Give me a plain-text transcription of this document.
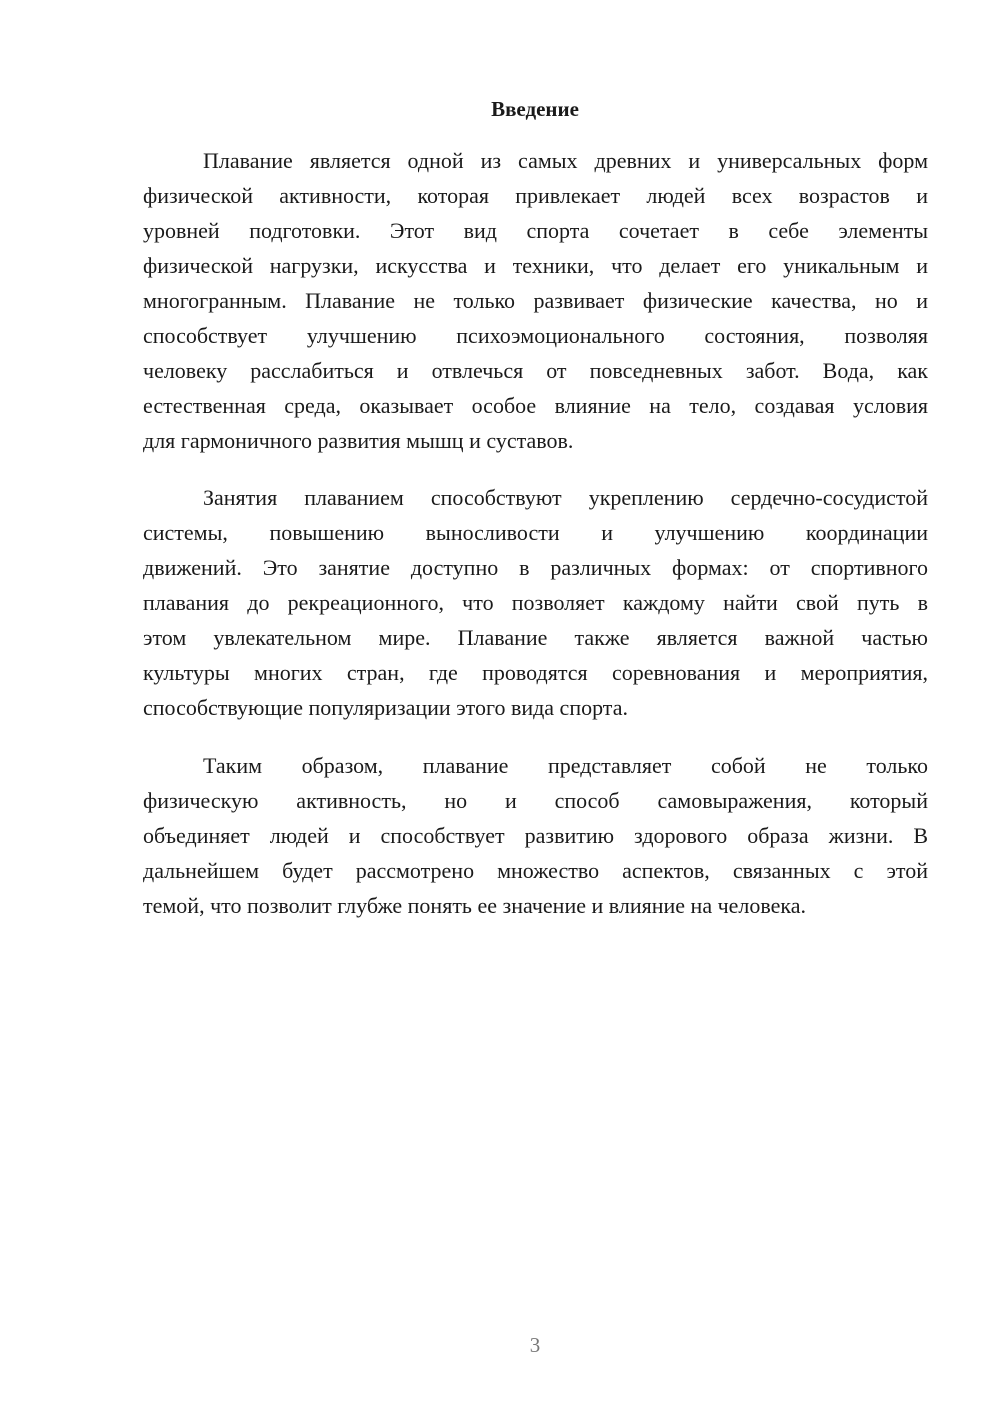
Введение
Плавание является одной из самых древних и универсальных форм
физической активности, которая привлекает людей всех возрастов и
уровней подготовки. Этот вид спорта сочетает в себе элементы
физической нагрузки, искусства и техники, что делает его уникальным и
многогранным. Плавание не только развивает физические качества, но и
способствует улучшению психоэмоционального состояния, позволяя
человеку расслабиться и отвлечься от повседневных забот. Вода, как
естественная среда, оказывает особое влияние на тело, создавая условия
для гармоничного развития мышц и суставов.
Занятия плаванием способствуют укреплению сердечно-сосудистой
системы, повышению выносливости и улучшению координации
движений. Это занятие доступно в различных формах: от спортивного
плавания до рекреационного, что позволяет каждому найти свой путь в
этом увлекательном мире. Плавание также является важной частью
культуры многих стран, где проводятся соревнования и мероприятия,
способствующие популяризации этого вида спорта.
Таким образом, плавание представляет собой не только
физическую активность, но и способ самовыражения, который
объединяет людей и способствует развитию здорового образа жизни. В
дальнейшем будет рассмотрено множество аспектов, связанных с этой
темой, что позволит глубже понять ее значение и влияние на человека.
3
